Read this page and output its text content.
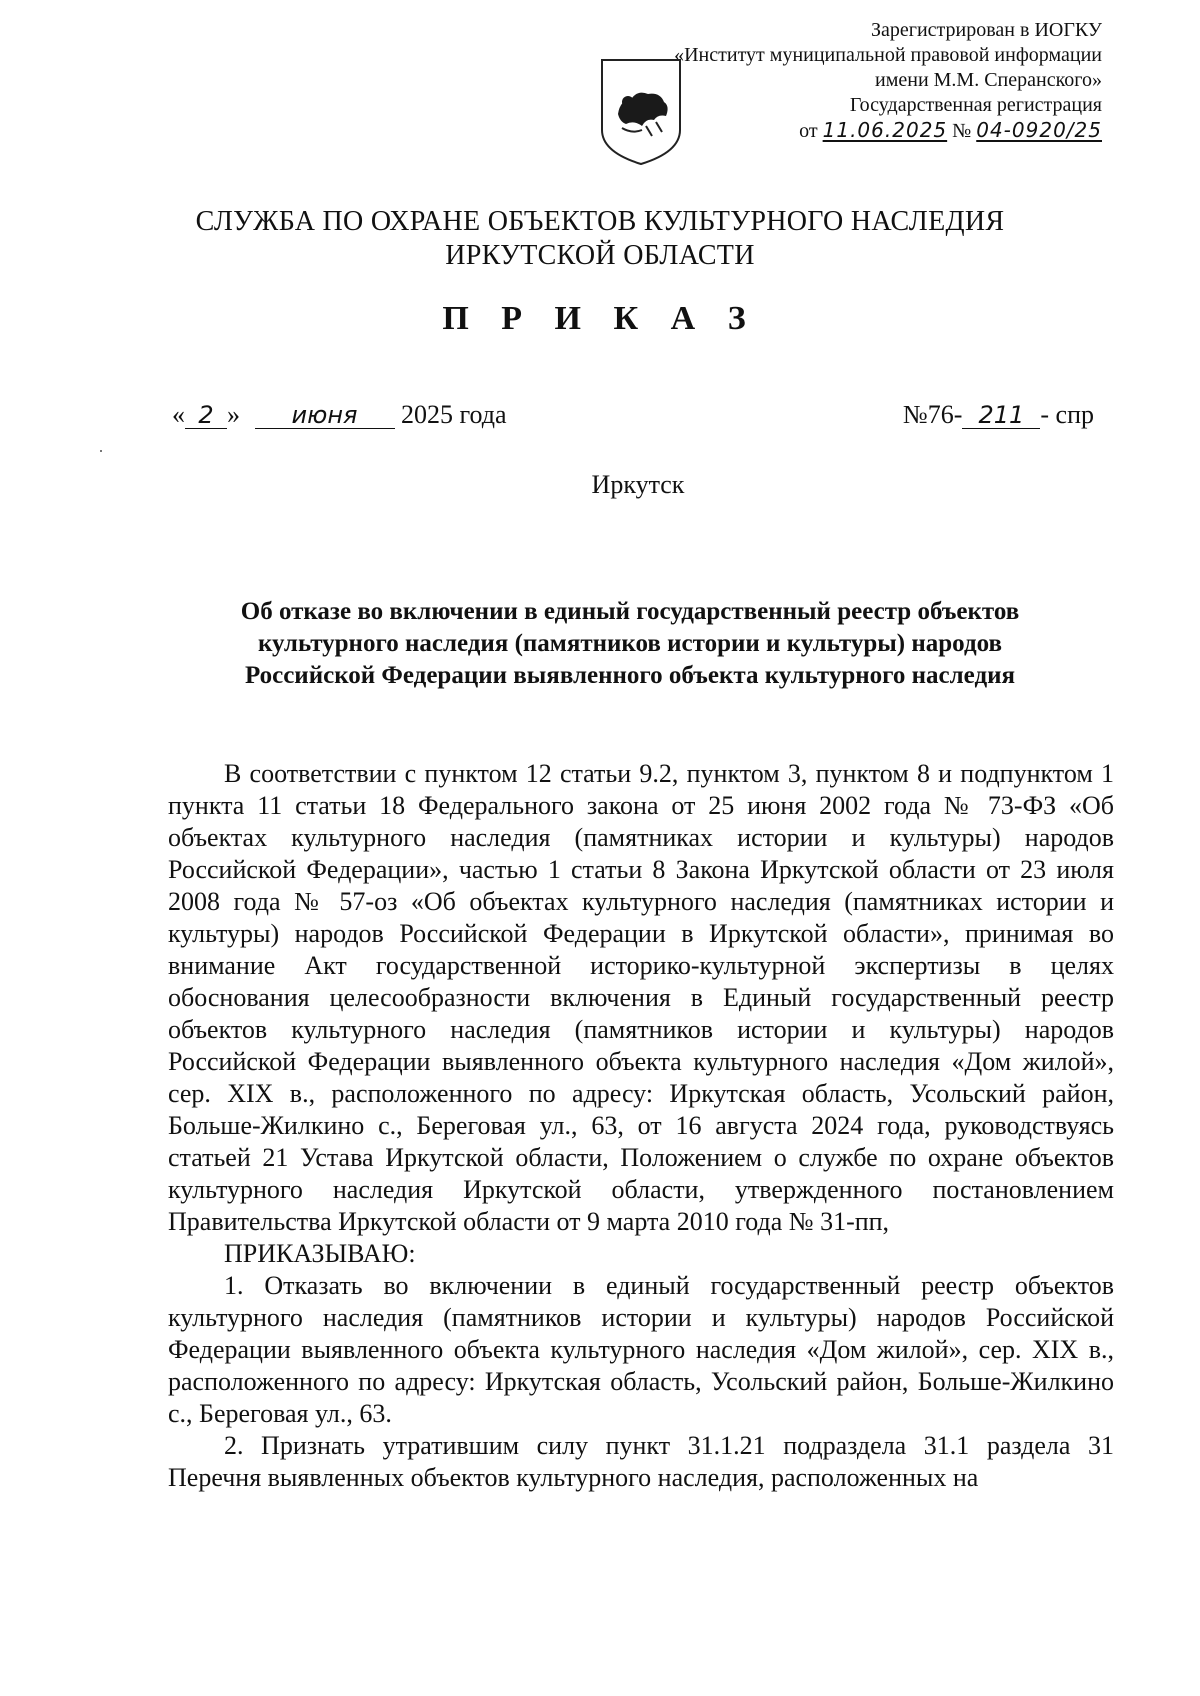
Зарегистрирован в ИОГКУ
«Институт муниципальной правовой информации
имени М.М. Сперанского»
Государственная регистрация
от 11.06.2025 № 04-0920/25
СЛУЖБА ПО ОХРАНЕ ОБЪЕКТОВ КУЛЬТУРНОГО НАСЛЕДИЯ
ИРКУТСКОЙ ОБЛАСТИ
П Р И К А З
« 2 » июня 2025 года	№76- 211 - спр
Иркутск
Об отказе во включении в единый государственный реестр объектов
культурного наследия (памятников истории и культуры) народов
Российской Федерации выявленного объекта культурного наследия

В соответствии с пунктом 12 статьи 9.2, пунктом 3, пунктом 8 и подпунктом 1 пункта 11 статьи 18 Федерального закона от 25 июня 2002 года № 73-ФЗ «Об объектах культурного наследия (памятниках истории и культуры) народов Российской Федерации», частью 1 статьи 8 Закона Иркутской области от 23 июля 2008 года № 57-оз «Об объектах культурного наследия (памятниках истории и культуры) народов Российской Федерации в Иркутской области», принимая во внимание Акт государственной историко-культурной экспертизы в целях обоснования целесообразности включения в Единый государственный реестр объектов культурного наследия (памятников истории и культуры) народов Российской Федерации выявленного объекта культурного наследия «Дом жилой», сер. XIX в., расположенного по адресу: Иркутская область, Усольский район, Больше-Жилкино с., Береговая ул., 63, от 16 августа 2024 года, руководствуясь статьей 21 Устава Иркутской области, Положением о службе по охране объектов культурного наследия Иркутской области, утвержденного постановлением Правительства Иркутской области от 9 марта 2010 года № 31-пп,

ПРИКАЗЫВАЮ:

1. Отказать во включении в единый государственный реестр объектов культурного наследия (памятников истории и культуры) народов Российской Федерации выявленного объекта культурного наследия «Дом жилой», сер. XIX в., расположенного по адресу: Иркутская область, Усольский район, Больше-Жилкино с., Береговая ул., 63.

2. Признать утратившим силу пункт 31.1.21 подраздела 31.1 раздела 31 Перечня выявленных объектов культурного наследия, расположенных на
